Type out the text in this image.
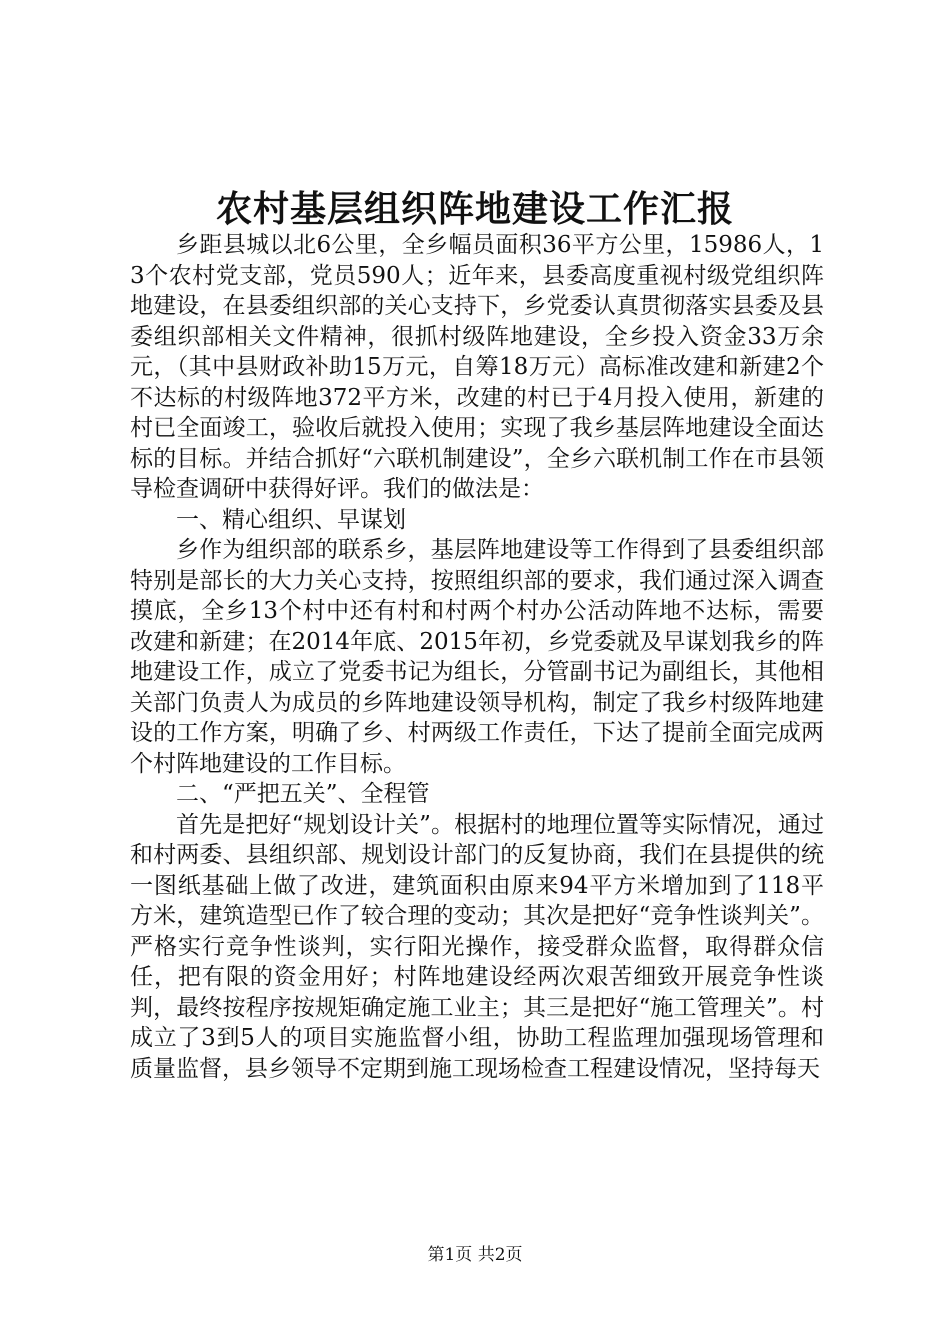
农村基层组织阵地建设工作汇报

乡距县城以北6公里，全乡幅员面积36平方公里，15986人，13个农村党支部，党员590人；近年来，县委高度重视村级党组织阵地建设，在县委组织部的关心支持下，乡党委认真贯彻落实县委及县委组织部相关文件精神，很抓村级阵地建设，全乡投入资金33万余元，（其中县财政补助15万元，自筹18万元）高标准改建和新建2个不达标的村级阵地372平方米，改建的村已于4月投入使用，新建的村已全面竣工，验收后就投入使用；实现了我乡基层阵地建设全面达标的目标。并结合抓好“六联机制建设”，全乡六联机制工作在市县领导检查调研中获得好评。我们的做法是：

一、精心组织、早谋划

乡作为组织部的联系乡，基层阵地建设等工作得到了县委组织部特别是部长的大力关心支持，按照组织部的要求，我们通过深入调查摸底，全乡13个村中还有村和村两个村办公活动阵地不达标，需要改建和新建；在2014年底、2015年初，乡党委就及早谋划我乡的阵地建设工作，成立了党委书记为组长，分管副书记为副组长，其他相关部门负责人为成员的乡阵地建设领导机构，制定了我乡村级阵地建设的工作方案，明确了乡、村两级工作责任，下达了提前全面完成两个村阵地建设的工作目标。

二、“严把五关”、全程管

首先是把好“规划设计关”。根据村的地理位置等实际情况，通过和村两委、县组织部、规划设计部门的反复协商，我们在县提供的统一图纸基础上做了改进，建筑面积由原来94平方米增加到了118平方米，建筑造型已作了较合理的变动；其次是把好“竞争性谈判关”。严格实行竞争性谈判，实行阳光操作，接受群众监督，取得群众信任，把有限的资金用好；村阵地建设经两次艰苦细致开展竞争性谈判，最终按程序按规矩确定施工业主；其三是把好“施工管理关”。村成立了3到5人的项目实施监督小组，协助工程监理加强现场管理和质量监督，县乡领导不定期到施工现场检查工程建设情况，坚持每天

第1页 共2页
